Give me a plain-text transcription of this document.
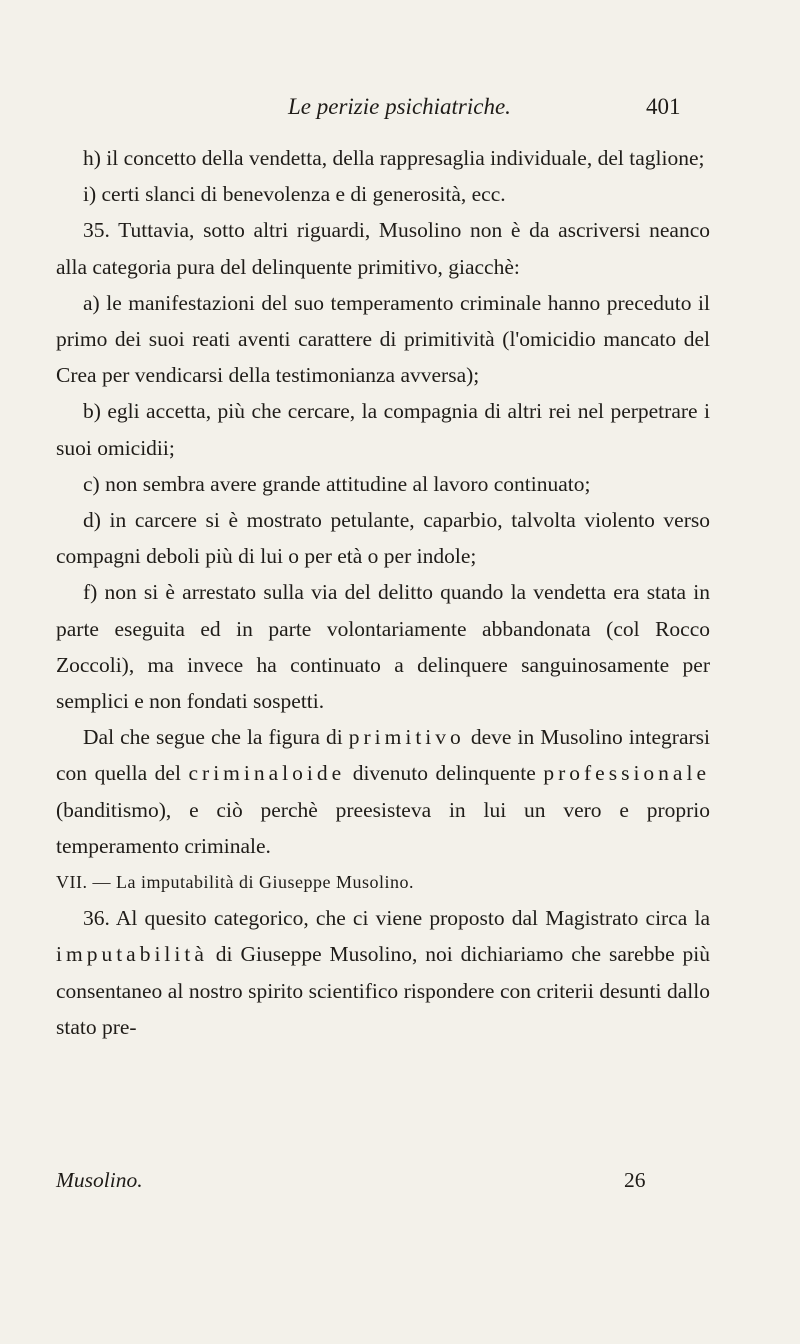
Le perizie psichiatriche.	401

h) il concetto della vendetta, della rappresaglia individuale, del taglione;

i) certi slanci di benevolenza e di generosità, ecc.

35. Tuttavia, sotto altri riguardi, Musolino non è da ascriversi neanco alla categoria pura del delinquente primitivo, giacchè:

a) le manifestazioni del suo temperamento criminale hanno preceduto il primo dei suoi reati aventi carattere di primitività (l'omicidio mancato del Crea per vendicarsi della testimonianza avversa);

b) egli accetta, più che cercare, la compagnia di altri rei nel perpetrare i suoi omicidii;

c) non sembra avere grande attitudine al lavoro continuato;

d) in carcere si è mostrato petulante, caparbio, talvolta violento verso compagni deboli più di lui o per età o per indole;

f) non si è arrestato sulla via del delitto quando la vendetta era stata in parte eseguita ed in parte volontariamente abbandonata (col Rocco Zoccoli), ma invece ha continuato a delinquere sanguinosamente per semplici e non fondati sospetti.

Dal che segue che la figura di primitivo deve in Musolino integrarsi con quella del criminaloide divenuto delinquente professionale (banditismo), e ciò perchè preesisteva in lui un vero e proprio temperamento criminale.

VII. — La imputabilità di Giuseppe Musolino.

36. Al quesito categorico, che ci viene proposto dal Magistrato circa la imputabilità di Giuseppe Musolino, noi dichiariamo che sarebbe più consentaneo al nostro spirito scientifico rispondere con criterii desunti dallo stato pre-

Musolino.	26
